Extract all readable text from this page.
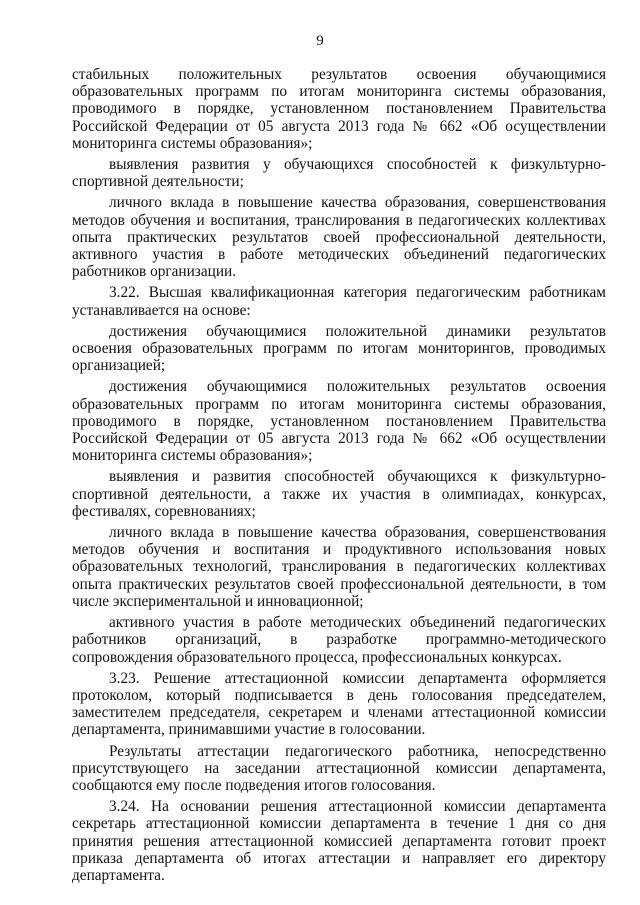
9

стабильных положительных результатов освоения обучающимися образовательных программ по итогам мониторинга системы образования, проводимого в порядке, установленном постановлением Правительства Российской Федерации от 05 августа 2013 года № 662 «Об осуществлении мониторинга системы образования»;

выявления развития у обучающихся способностей к физкультурно-спортивной деятельности;

личного вклада в повышение качества образования, совершенствования методов обучения и воспитания, транслирования в педагогических коллективах опыта практических результатов своей профессиональной деятельности, активного участия в работе методических объединений педагогических работников организации.

3.22. Высшая квалификационная категория педагогическим работникам устанавливается на основе:

достижения обучающимися положительной динамики результатов освоения образовательных программ по итогам мониторингов, проводимых организацией;

достижения обучающимися положительных результатов освоения образовательных программ по итогам мониторинга системы образования, проводимого в порядке, установленном постановлением Правительства Российской Федерации от 05 августа 2013 года № 662 «Об осуществлении мониторинга системы образования»;

выявления и развития способностей обучающихся к физкультурно-спортивной деятельности, а также их участия в олимпиадах, конкурсах, фестивалях, соревнованиях;

личного вклада в повышение качества образования, совершенствования методов обучения и воспитания и продуктивного использования новых образовательных технологий, транслирования в педагогических коллективах опыта практических результатов своей профессиональной деятельности, в том числе экспериментальной и инновационной;

активного участия в работе методических объединений педагогических работников организаций, в разработке программно-методического сопровождения образовательного процесса, профессиональных конкурсах.

3.23. Решение аттестационной комиссии департамента оформляется протоколом, который подписывается в день голосования председателем, заместителем председателя, секретарем и членами аттестационной комиссии департамента, принимавшими участие в голосовании.

Результаты аттестации педагогического работника, непосредственно присутствующего на заседании аттестационной комиссии департамента, сообщаются ему после подведения итогов голосования.

3.24. На основании решения аттестационной комиссии департамента секретарь аттестационной комиссии департамента в течение 1 дня со дня принятия решения аттестационной комиссией департамента готовит проект приказа департамента об итогах аттестации и направляет его директору департамента.
